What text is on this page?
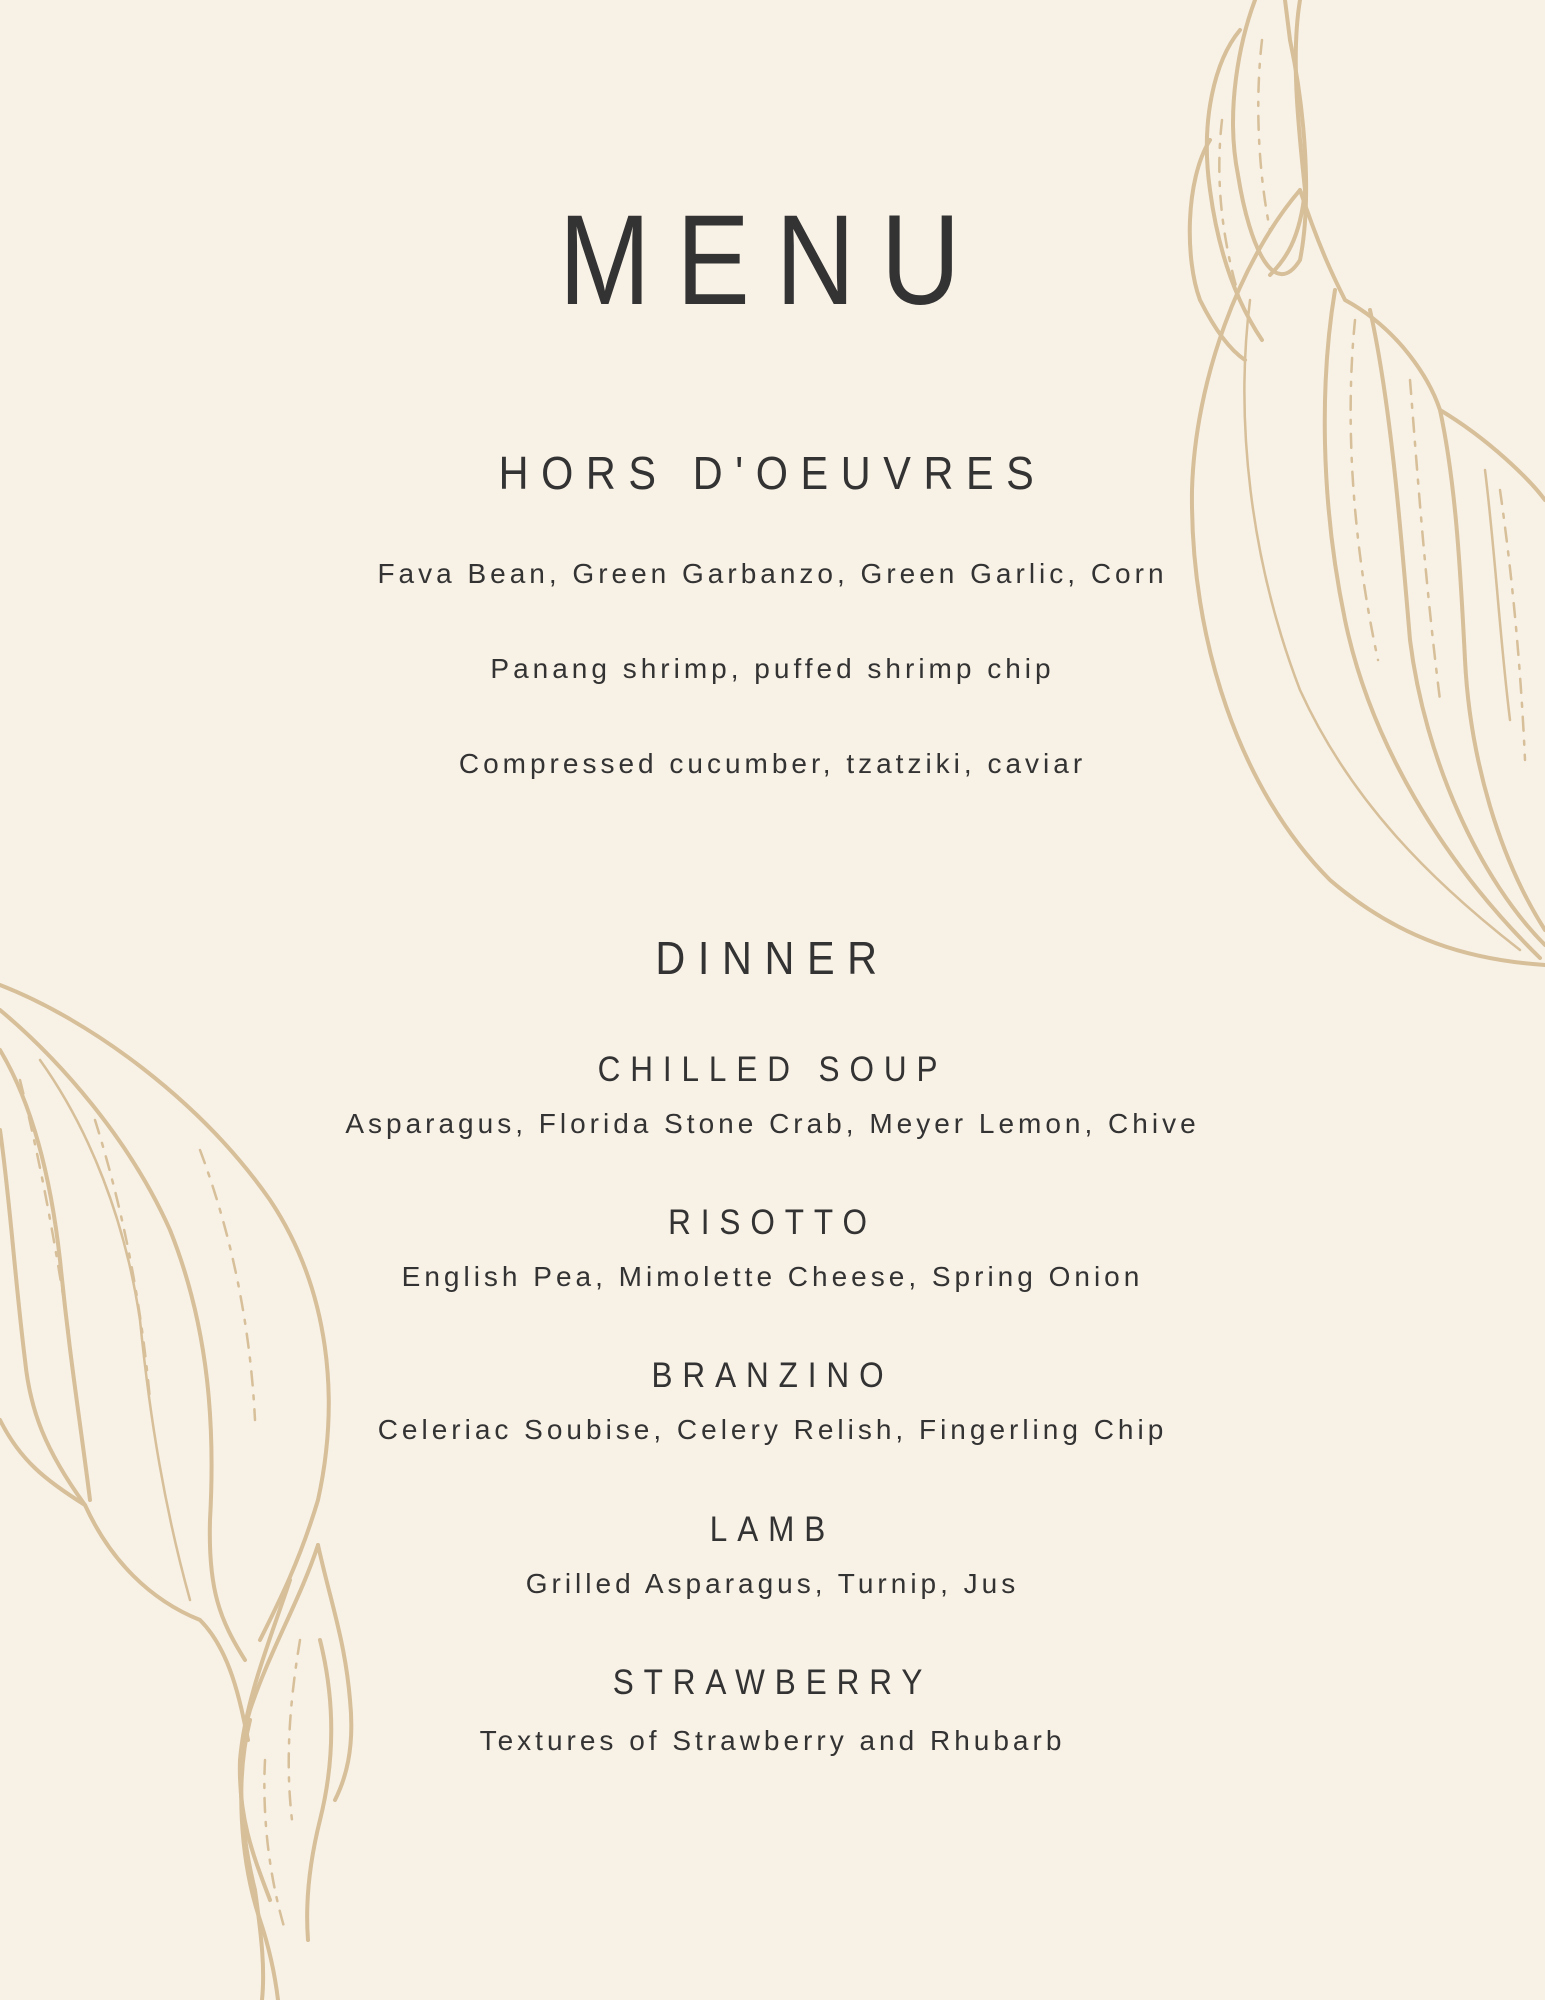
MENU
HORS D'OEUVRES
Fava Bean, Green Garbanzo, Green Garlic, Corn
Panang shrimp, puffed shrimp chip
Compressed cucumber, tzatziki, caviar
DINNER
CHILLED SOUP
Asparagus, Florida Stone Crab, Meyer Lemon, Chive
RISOTTO
English Pea, Mimolette Cheese, Spring Onion
BRANZINO
Celeriac Soubise, Celery Relish, Fingerling Chip
LAMB
Grilled Asparagus, Turnip, Jus
STRAWBERRY
Textures of Strawberry and Rhubarb
